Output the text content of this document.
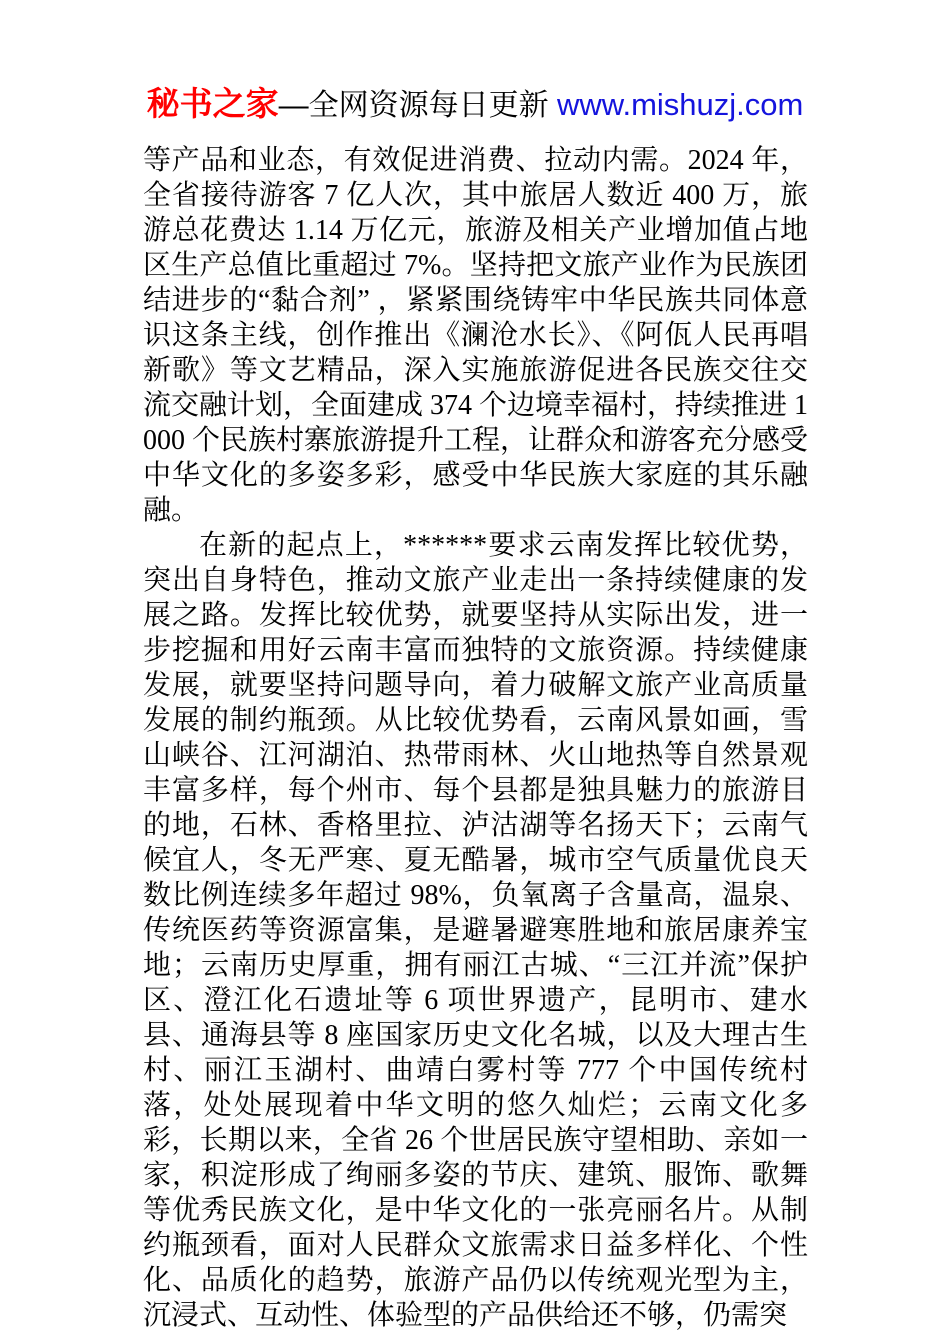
秘书之家—全网资源每日更新 www.mishuzj.com

等产品和业态，有效促进消费、拉动内需。2024 年，全省接待游客 7 亿人次，其中旅居人数近 400 万，旅游总花费达 1.14 万亿元，旅游及相关产业增加值占地区生产总值比重超过 7%。坚持把文旅产业作为民族团结进步的“黏合剂” ，紧紧围绕铸牢中华民族共同体意识这条主线，创作推出《澜沧水长》、《阿佤人民再唱新歌》等文艺精品，深入实施旅游促进各民族交往交流交融计划，全面建成 374 个边境幸福村，持续推进 1000 个民族村寨旅游提升工程，让群众和游客充分感受中华文化的多姿多彩，感受中华民族大家庭的其乐融融。

在新的起点上，******要求云南发挥比较优势，突出自身特色，推动文旅产业走出一条持续健康的发展之路。发挥比较优势，就要坚持从实际出发，进一步挖掘和用好云南丰富而独特的文旅资源。持续健康发展，就要坚持问题导向，着力破解文旅产业高质量发展的制约瓶颈。从比较优势看，云南风景如画，雪山峡谷、江河湖泊、热带雨林、火山地热等自然景观丰富多样，每个州市、每个县都是独具魅力的旅游目的地，石林、香格里拉、泸沽湖等名扬天下；云南气候宜人，冬无严寒、夏无酷暑，城市空气质量优良天数比例连续多年超过 98%，负氧离子含量高，温泉、传统医药等资源富集，是避暑避寒胜地和旅居康养宝地；云南历史厚重，拥有丽江古城、“三江并流”保护区、澄江化石遗址等 6 项世界遗产，昆明市、建水县、通海县等 8 座国家历史文化名城，以及大理古生村、丽江玉湖村、曲靖白雾村等 777 个中国传统村落，处处展现着中华文明的悠久灿烂；云南文化多彩，长期以来，全省 26 个世居民族守望相助、亲如一家，积淀形成了绚丽多姿的节庆、建筑、服饰、歌舞等优秀民族文化，是中华文化的一张亮丽名片。从制约瓶颈看，面对人民群众文旅需求日益多样化、个性化、品质化的趋势，旅游产品仍以传统观光型为主，沉浸式、互动性、体验型的产品供给还不够，仍需突
